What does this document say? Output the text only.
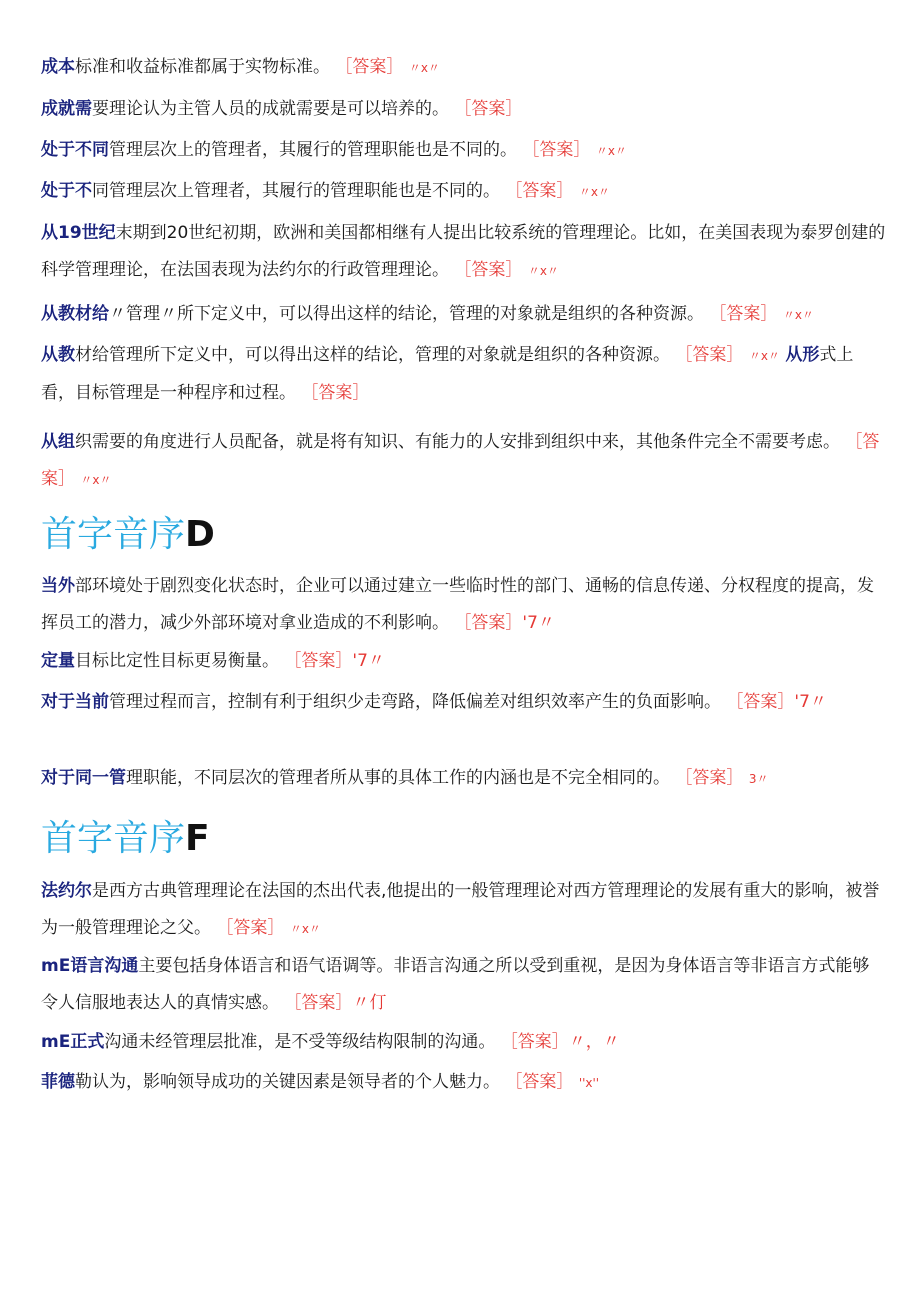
成本标准和收益标准都属于实物标准。 ［答案］ 〃x〃

成就需要理论认为主管人员的成就需要是可以培养的。 ［答案］

处于不同管理层次上的管理者，其履行的管理职能也是不同的。 ［答案］ 〃x〃

处于不同管理层次上管理者，其履行的管理职能也是不同的。 ［答案］ 〃x〃

从19世纪末期到20世纪初期，欧洲和美国都相继有人提出比较系统的管理理论。比如，在美国表现为泰罗创建的科学管理理论，在法国表现为法约尔的行政管理理论。 ［答案］ 〃x〃

从教材给〃管理〃所下定义中，可以得出这样的结论，管理的对象就是组织的各种资源。 ［答案］ 〃x〃

从教材给管理所下定义中，可以得出这样的结论，管理的对象就是组织的各种资源。 ［答案］ 〃x〃 从形式上看，目标管理是一种程序和过程。 ［答案］

从组织需要的角度进行人员配备，就是将有知识、有能力的人安排到组织中来，其他条件完全不需要考虑。 ［答案］ 〃x〃

首字音序D

当外部环境处于剧烈变化状态时，企业可以通过建立一些临时性的部门、通畅的信息传递、分权程度的提高，发挥员工的潜力，减少外部环境对拿业造成的不利影响。 ［答案］'7〃

定量目标比定性目标更易衡量。 ［答案］'7〃

对于当前管理过程而言，控制有利于组织少走弯路，降低偏差对组织效率产生的负面影响。 ［答案］'7〃

对于同一管理职能，不同层次的管理者所从事的具体工作的内涵也是不完全相同的。 ［答案］ 3〃

首字音序F

法约尔是西方古典管理理论在法国的杰出代表,他提出的一般管理理论对西方管理理论的发展有重大的影响，被誉为一般管理理论之父。 ［答案］ 〃x〃

mE语言沟通主要包括身体语言和语气语调等。非语言沟通之所以受到重视，是因为身体语言等非语言方式能够令人信服地表达人的真情实感。 ［答案］〃仃

mE正式沟通未经管理层批准，是不受等级结构限制的沟通。 ［答案］〃，〃

菲德勒认为，影响领导成功的关键因素是领导者的个人魅力。 ［答案］ ''x''
